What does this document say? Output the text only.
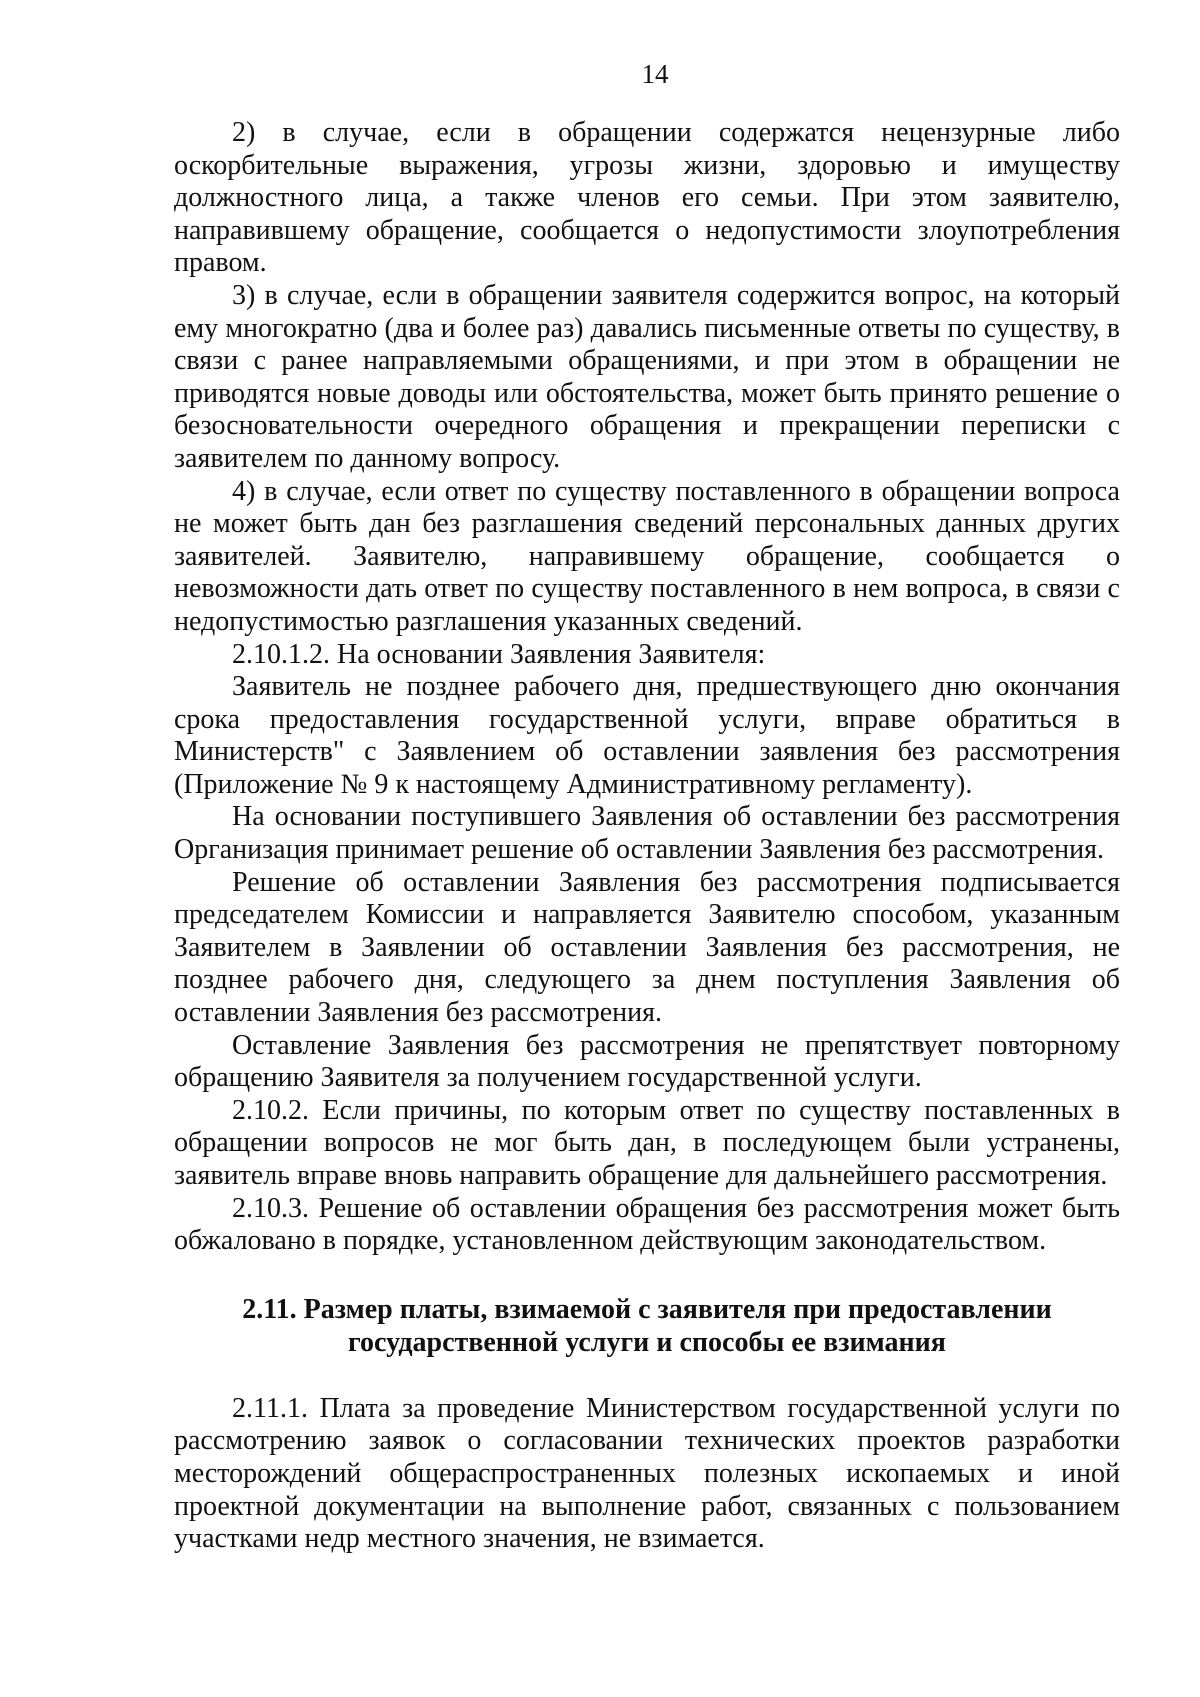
14

2) в случае, если в обращении содержатся нецензурные либо оскорбительные выражения, угрозы жизни, здоровью и имуществу должностного лица, а также членов его семьи. При этом заявителю, направившему обращение, сообщается о недопустимости злоупотребления правом.

3) в случае, если в обращении заявителя содержится вопрос, на который ему многократно (два и более раз) давались письменные ответы по существу, в связи с ранее направляемыми обращениями, и при этом в обращении не приводятся новые доводы или обстоятельства, может быть принято решение о безосновательности очередного обращения и прекращении переписки с заявителем по данному вопросу.

4) в случае, если ответ по существу поставленного в обращении вопроса не может быть дан без разглашения сведений персональных данных других заявителей. Заявителю, направившему обращение, сообщается о невозможности дать ответ по существу поставленного в нем вопроса, в связи с недопустимостью разглашения указанных сведений.

2.10.1.2. На основании Заявления Заявителя:

Заявитель не позднее рабочего дня, предшествующего дню окончания срока предоставления государственной услуги, вправе обратиться в Министерств" с Заявлением об оставлении заявления без рассмотрения (Приложение № 9 к настоящему Административному регламенту).

На основании поступившего Заявления об оставлении без рассмотрения Организация принимает решение об оставлении Заявления без рассмотрения.

Решение об оставлении Заявления без рассмотрения подписывается председателем Комиссии и направляется Заявителю способом, указанным Заявителем в Заявлении об оставлении Заявления без рассмотрения, не позднее рабочего дня, следующего за днем поступления Заявления об оставлении Заявления без рассмотрения.

Оставление Заявления без рассмотрения не препятствует повторному обращению Заявителя за получением государственной услуги.

2.10.2. Если причины, по которым ответ по существу поставленных в обращении вопросов не мог быть дан, в последующем были устранены, заявитель вправе вновь направить обращение для дальнейшего рассмотрения.

2.10.3. Решение об оставлении обращения без рассмотрения может быть обжаловано в порядке, установленном действующим законодательством.

2.11. Размер платы, взимаемой с заявителя при предоставлении
государственной услуги и способы ее взимания

2.11.1. Плата за проведение Министерством государственной услуги по рассмотрению заявок о согласовании технических проектов разработки месторождений общераспространенных полезных ископаемых и иной проектной документации на выполнение работ, связанных с пользованием участками недр местного значения, не взимается.
